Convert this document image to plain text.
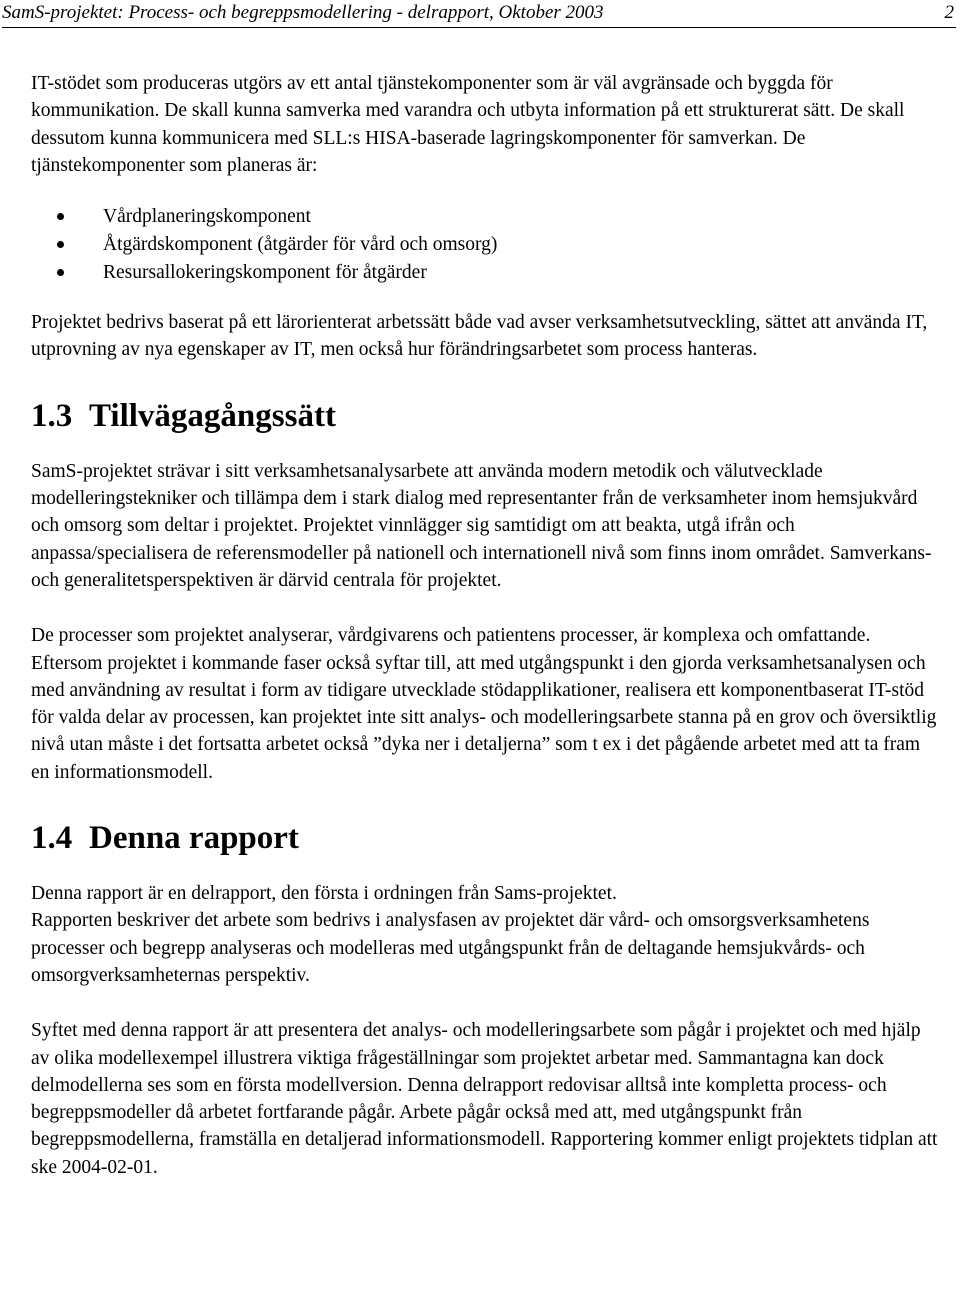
SamS-projektet: Process- och begreppsmodellering - delrapport, Oktober 2003	2

IT-stödet som produceras utgörs av ett antal tjänstekomponenter som är väl avgränsade och byggda för kommunikation. De skall kunna samverka med varandra och utbyta information på ett strukturerat sätt. De skall dessutom kunna kommunicera med SLL:s HISA-baserade lagringskomponenter för samverkan. De tjänstekomponenter som planeras är:

Vårdplaneringskomponent
Åtgärdskomponent (åtgärder för vård och omsorg)
Resursallokeringskomponent för åtgärder

Projektet bedrivs baserat på ett lärorienterat arbetssätt både vad avser verksamhetsutveckling, sättet att använda IT, utprovning av nya egenskaper av IT, men också hur förändringsarbetet som process hanteras.

1.3 Tillvägagångssätt

SamS-projektet strävar i sitt verksamhetsanalysarbete att använda modern metodik och välutvecklade modelleringstekniker och tillämpa dem i stark dialog med representanter från de verksamheter inom hemsjukvård och omsorg som deltar i projektet. Projektet vinnlägger sig samtidigt om att beakta, utgå ifrån och anpassa/specialisera de referensmodeller på nationell och internationell nivå som finns inom området. Samverkans- och generalitetsperspektiven är därvid centrala för projektet.

De processer som projektet analyserar, vårdgivarens och patientens processer, är komplexa och omfattande. Eftersom projektet i kommande faser också syftar till, att med utgångspunkt i den gjorda verksamhetsanalysen och med användning av resultat i form av tidigare utvecklade stödapplikationer, realisera ett komponentbaserat IT-stöd för valda delar av processen, kan projektet inte sitt analys- och modelleringsarbete stanna på en grov och översiktlig nivå utan måste i det fortsatta arbetet också ”dyka ner i detaljerna” som t ex i det pågående arbetet med att ta fram en informationsmodell.

1.4 Denna rapport

Denna rapport är en delrapport, den första i ordningen från Sams-projektet.

Rapporten beskriver det arbete som bedrivs i analysfasen av projektet där vård- och omsorgsverksamhetens processer och begrepp analyseras och modelleras med utgångspunkt från de deltagande hemsjukvårds- och omsorgverksamheternas perspektiv.

Syftet med denna rapport är att presentera det analys- och modelleringsarbete som pågår i projektet och med hjälp av olika modellexempel illustrera viktiga frågeställningar som projektet arbetar med. Sammantagna kan dock delmodellerna ses som en första modellversion. Denna delrapport redovisar alltså inte kompletta process- och begreppsmodeller då arbetet fortfarande pågår. Arbete pågår också med att, med utgångspunkt från begreppsmodellerna, framställa en detaljerad informationsmodell. Rapportering kommer enligt projektets tidplan att ske 2004-02-01.
